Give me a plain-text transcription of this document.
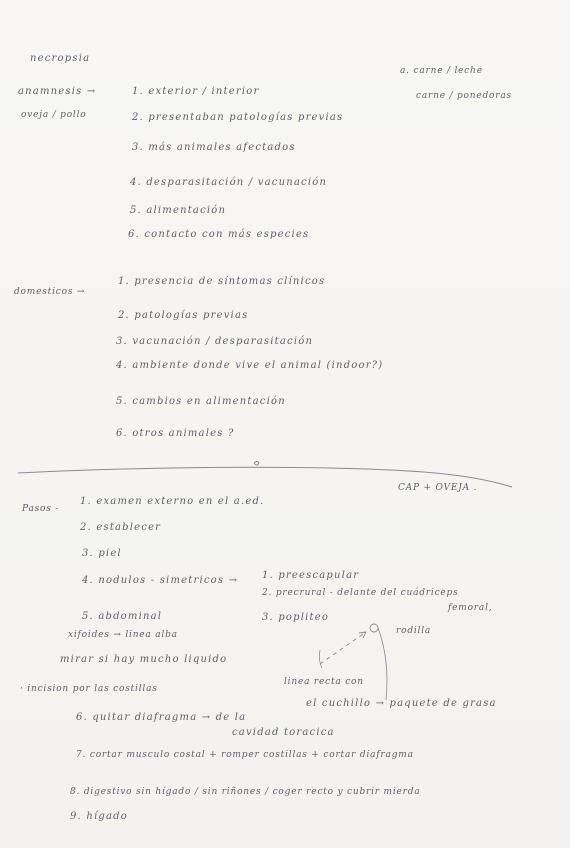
necropsia
anamnesis →
oveja / pollo
a. carne / leche
carne / ponedoras
1. exterior / interior
2. presentaban patologías previas
3. más animales afectados
4. desparasitación / vacunación
5. alimentación
6. contacto con más especies
domesticos →
1. presencia de síntomas clínicos
2. patologías previas
3. vacunación / desparasitación
4. ambiente donde vive el animal (indoor?)
5. cambios en alimentación
6. otros animales ?
CAP + OVEJA .
Pasos -
1. examen externo en el a.ed.
2. establecer
3. piel
4. nodulos - simetricos →
5. abdominal
1. preescapular
2. precrural - delante del cuádriceps
femoral,
3. popliteo
rodilla
xifoides → linea alba
mirar si hay mucho liquido
· incision por las costillas
linea recta con
el cuchillo → paquete de grasa
6. quitar diafragma → de la
cavidad toracica
7. cortar musculo costal + romper costillas + cortar diafragma
8. digestivo sin hígado / sin riñones / coger recto y cubrir mierda
9. hígado
